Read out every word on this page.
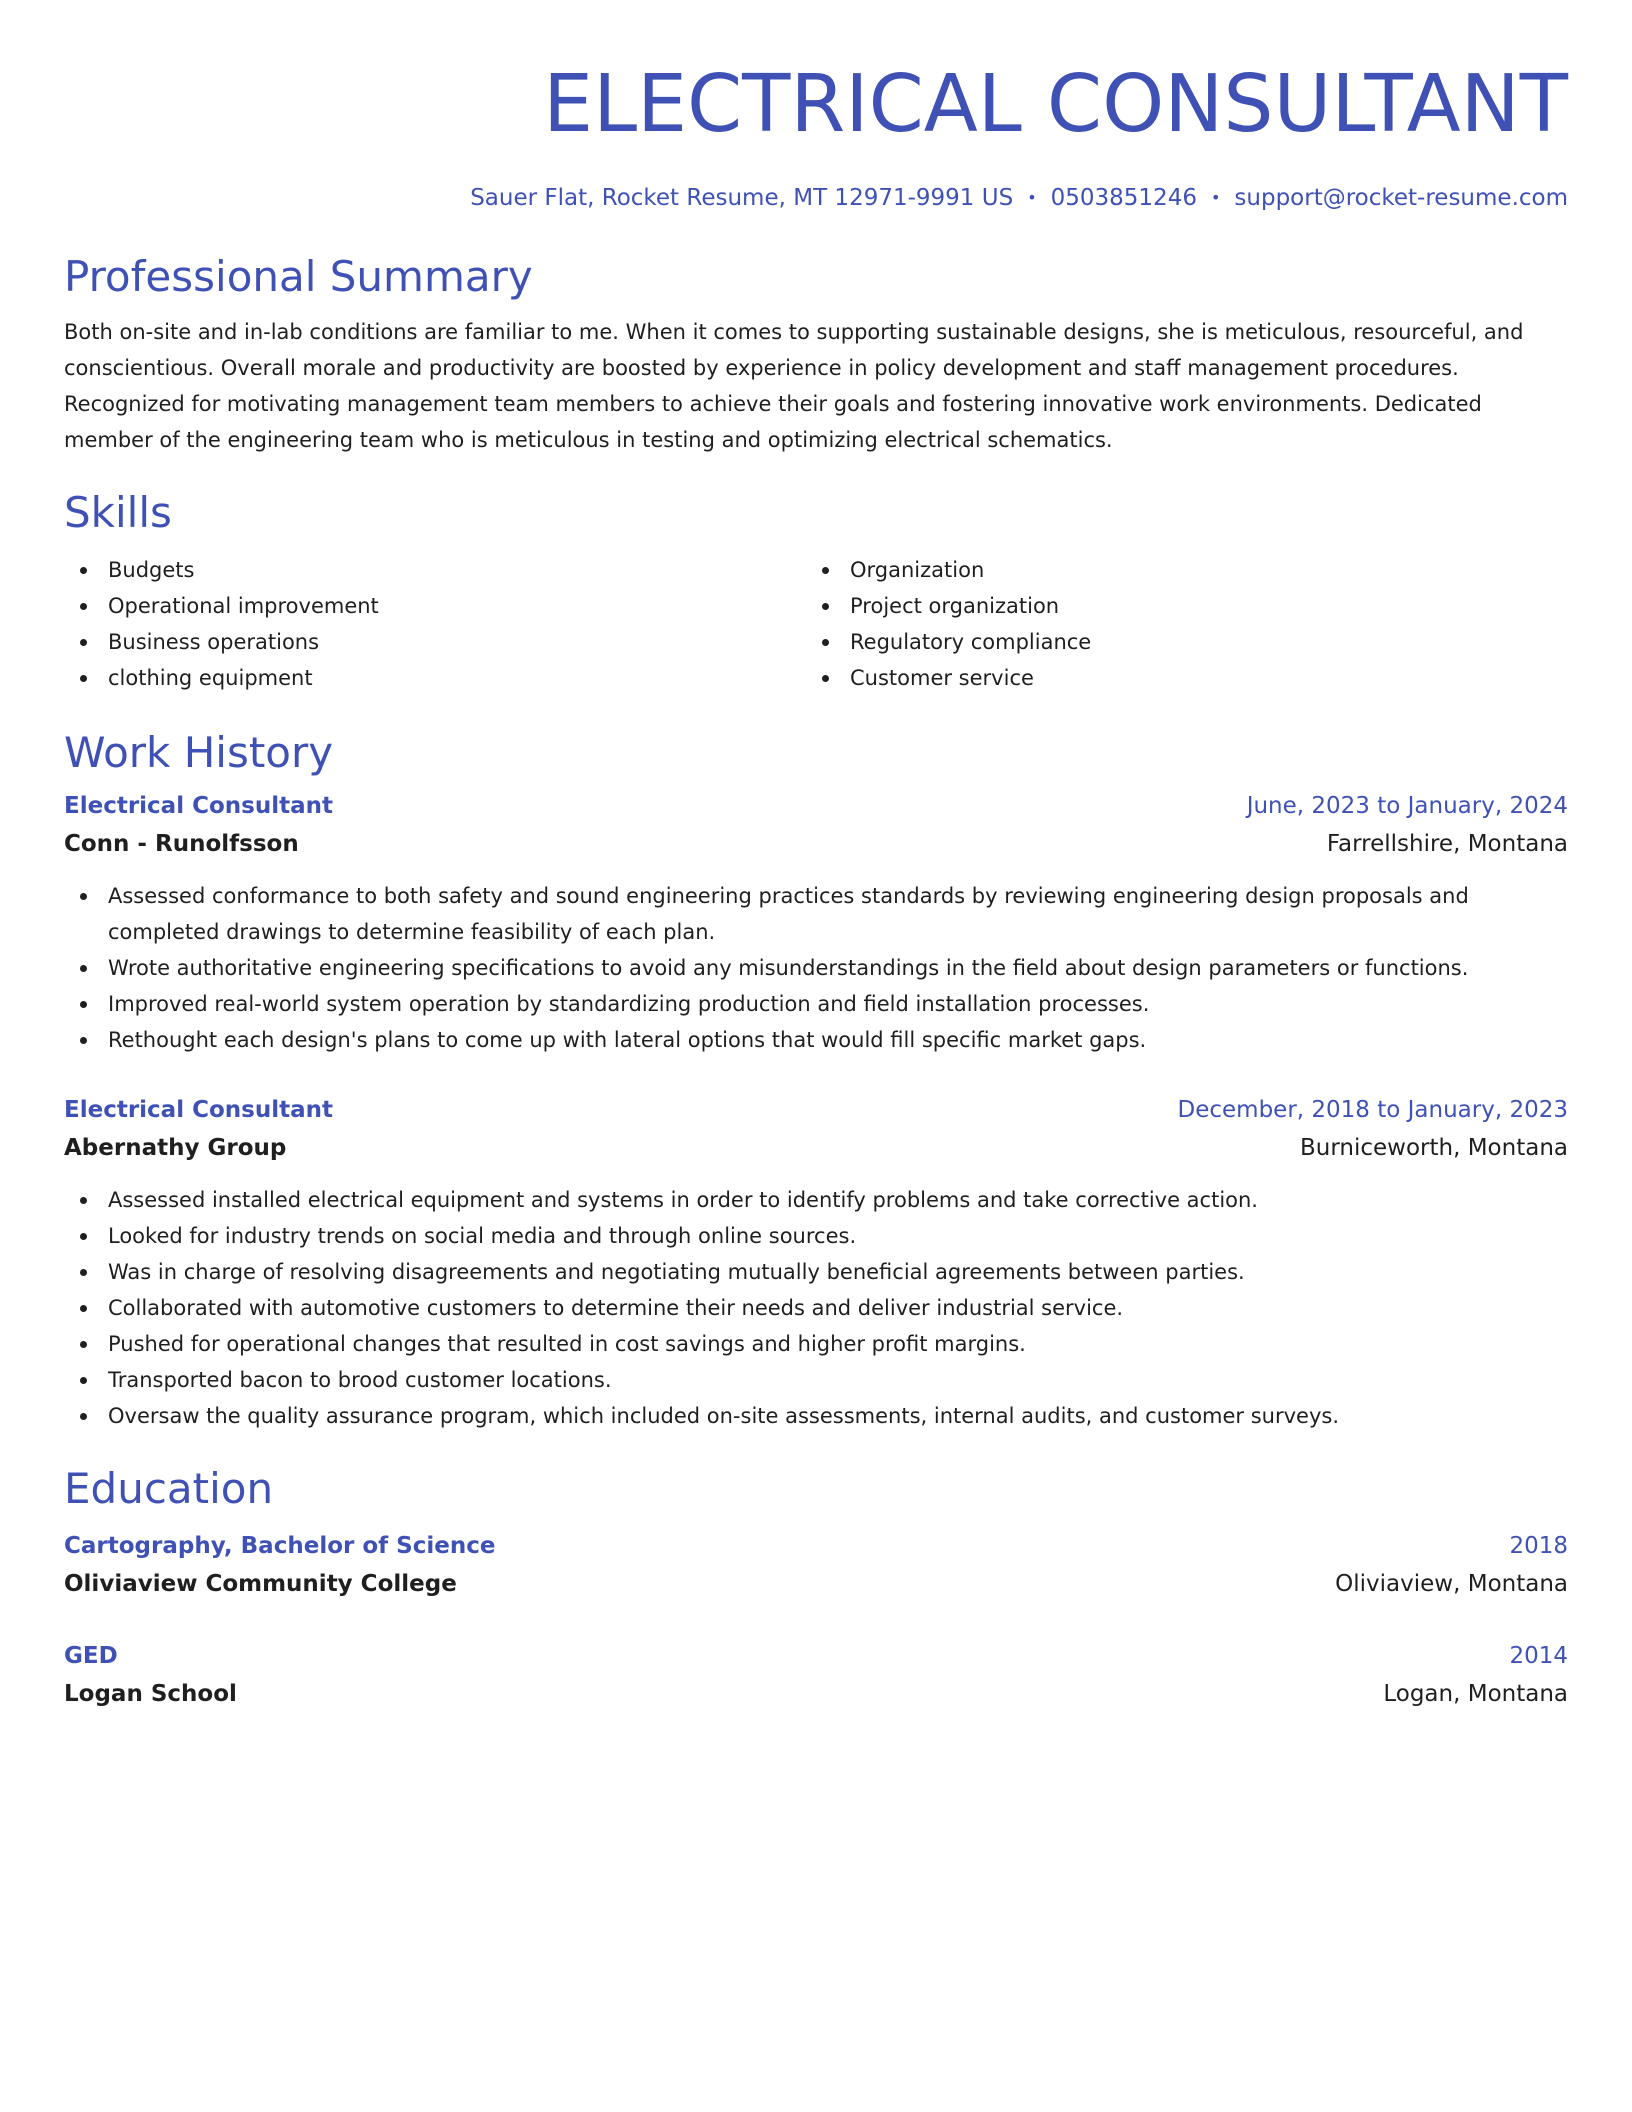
ELECTRICAL CONSULTANT
Sauer Flat, Rocket Resume, MT 12971-9991 US • 0503851246 • support@rocket-resume.com
Professional Summary
Both on-site and in-lab conditions are familiar to me. When it comes to supporting sustainable designs, she is meticulous, resourceful, and conscientious. Overall morale and productivity are boosted by experience in policy development and staff management procedures. Recognized for motivating management team members to achieve their goals and fostering innovative work environments. Dedicated member of the engineering team who is meticulous in testing and optimizing electrical schematics.
Skills
Budgets
Operational improvement
Business operations
clothing equipment
Organization
Project organization
Regulatory compliance
Customer service
Work History
Electrical Consultant	June, 2023 to January, 2024
Conn - Runolfsson	Farrellshire, Montana
Assessed conformance to both safety and sound engineering practices standards by reviewing engineering design proposals and completed drawings to determine feasibility of each plan.
Wrote authoritative engineering specifications to avoid any misunderstandings in the field about design parameters or functions.
Improved real-world system operation by standardizing production and field installation processes.
Rethought each design's plans to come up with lateral options that would fill specific market gaps.
Electrical Consultant	December, 2018 to January, 2023
Abernathy Group	Burniceworth, Montana
Assessed installed electrical equipment and systems in order to identify problems and take corrective action.
Looked for industry trends on social media and through online sources.
Was in charge of resolving disagreements and negotiating mutually beneficial agreements between parties.
Collaborated with automotive customers to determine their needs and deliver industrial service.
Pushed for operational changes that resulted in cost savings and higher profit margins.
Transported bacon to brood customer locations.
Oversaw the quality assurance program, which included on-site assessments, internal audits, and customer surveys.
Education
Cartography, Bachelor of Science	2018
Oliviaview Community College	Oliviaview, Montana
GED	2014
Logan School	Logan, Montana
